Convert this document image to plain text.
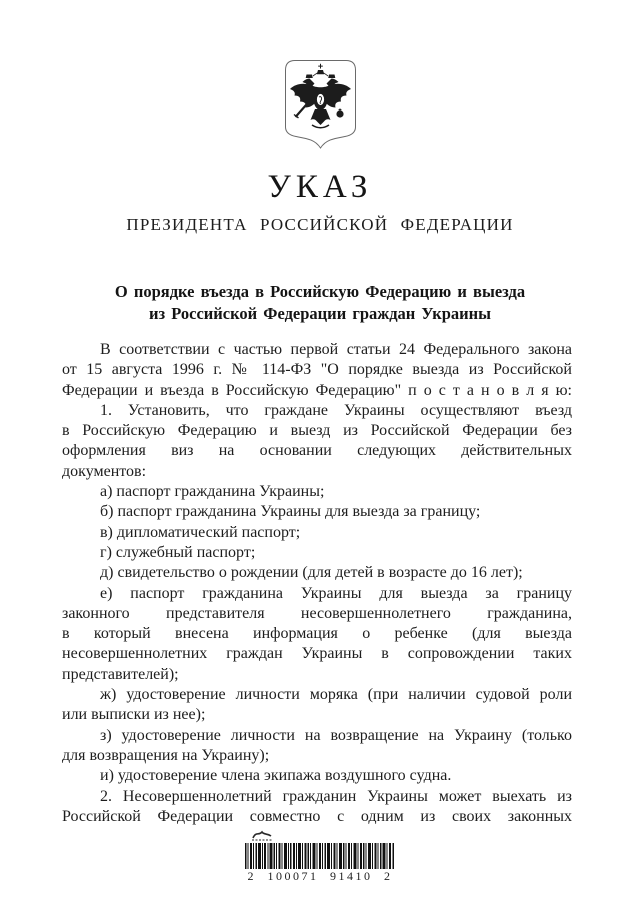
УКАЗ
ПРЕЗИДЕНТА РОССИЙСКОЙ ФЕДЕРАЦИИ
О порядке въезда в Российскую Федерацию и выезда
из Российской Федерации граждан Украины
В соответствии с частью первой статьи 24 Федерального закона
от 15 августа 1996 г. № 114-ФЗ "О порядке выезда из Российской
Федерации и въезда в Российскую Федерацию" п о с т а н о в л я ю:
1. Установить, что граждане Украины осуществляют въезд
в Российскую Федерацию и выезд из Российской Федерации без
оформления виз на основании следующих действительных
документов:
а) паспорт гражданина Украины;
б) паспорт гражданина Украины для выезда за границу;
в) дипломатический паспорт;
г) служебный паспорт;
д) свидетельство о рождении (для детей в возрасте до 16 лет);
е) паспорт гражданина Украины для выезда за границу
законного представителя несовершеннолетнего гражданина,
в который внесена информация о ребенке (для выезда
несовершеннолетних граждан Украины в сопровождении таких
представителей);
ж) удостоверение личности моряка (при наличии судовой роли
или выписки из нее);
з) удостоверение личности на возвращение на Украину (только
для возвращения на Украину);
и) удостоверение члена экипажа воздушного судна.
2. Несовершеннолетний гражданин Украины может выехать из
Российской Федерации совместно с одним из своих законных
2 100071 91410 2
